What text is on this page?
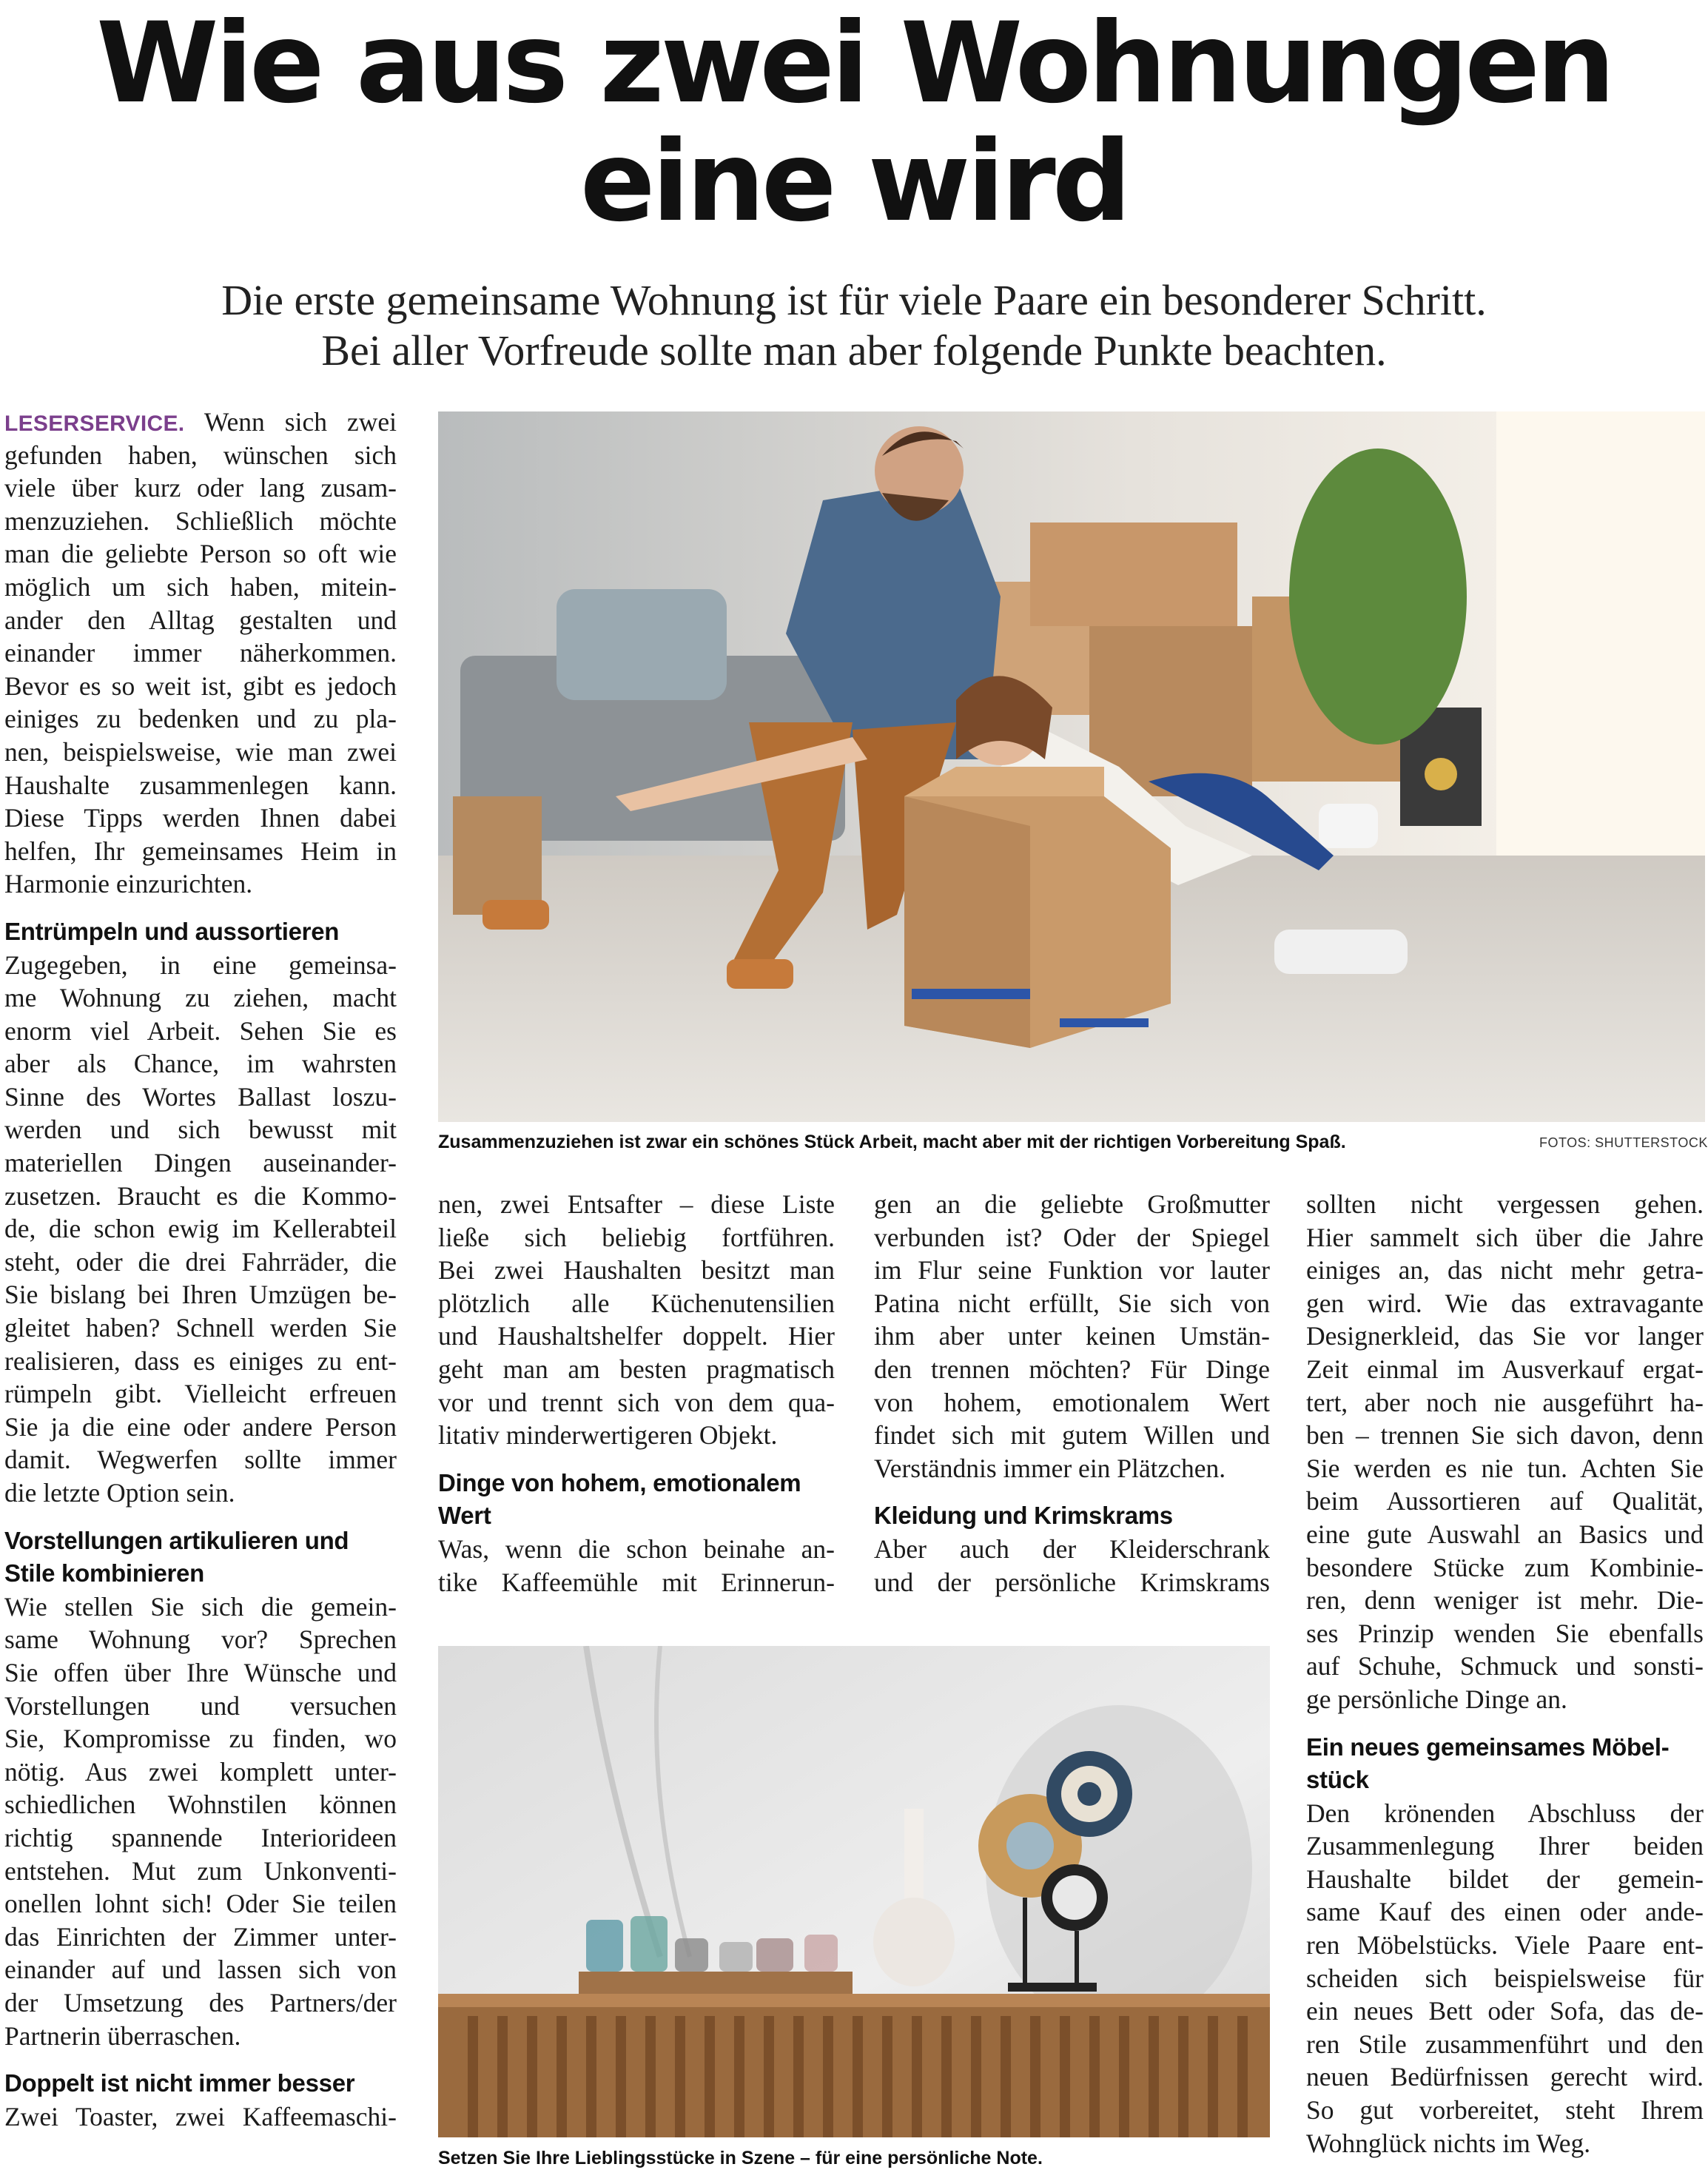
Wie aus zwei Wohnungen
eine wird
Die erste gemeinsame Wohnung ist für viele Paare ein besonderer Schritt.
Bei aller Vorfreude sollte man aber folgende Punkte beachten.
LESERSERVICE. Wenn sich zwei
gefunden haben, wünschen sich
viele über kurz oder lang zusam-
menzuziehen. Schließlich möchte
man die geliebte Person so oft wie
möglich um sich haben, mitein-
ander den Alltag gestalten und
einander immer näherkommen.
Bevor es so weit ist, gibt es jedoch
einiges zu bedenken und zu pla-
nen, beispielsweise, wie man zwei
Haushalte zusammenlegen kann.
Diese Tipps werden Ihnen dabei
helfen, Ihr gemeinsames Heim in
Harmonie einzurichten.
Entrümpeln und aussortieren
Zugegeben, in eine gemeinsa-
me Wohnung zu ziehen, macht
enorm viel Arbeit. Sehen Sie es
aber als Chance, im wahrsten
Sinne des Wortes Ballast loszu-
werden und sich bewusst mit
materiellen Dingen auseinander-
zusetzen. Braucht es die Kommo-
de, die schon ewig im Kellerabteil
steht, oder die drei Fahrräder, die
Sie bislang bei Ihren Umzügen be-
gleitet haben? Schnell werden Sie
realisieren, dass es einiges zu ent-
rümpeln gibt. Vielleicht erfreuen
Sie ja die eine oder andere Person
damit. Wegwerfen sollte immer
die letzte Option sein.
Vorstellungen artikulieren und
Stile kombinieren
Wie stellen Sie sich die gemein-
same Wohnung vor? Sprechen
Sie offen über Ihre Wünsche und
Vorstellungen und versuchen
Sie, Kompromisse zu finden, wo
nötig. Aus zwei komplett unter-
schiedlichen Wohnstilen können
richtig spannende Interiorideen
entstehen. Mut zum Unkonventi-
onellen lohnt sich! Oder Sie teilen
das Einrichten der Zimmer unter-
einander auf und lassen sich von
der Umsetzung des Partners/der
Partnerin überraschen.
Doppelt ist nicht immer besser
Zwei Toaster, zwei Kaffeemaschi-
Zusammenzuziehen ist zwar ein schönes Stück Arbeit, macht aber mit der richtigen Vorbereitung Spaß.	FOTOS: SHUTTERSTOCK
nen, zwei Entsafter – diese Liste
ließe sich beliebig fortführen.
Bei zwei Haushalten besitzt man
plötzlich alle Küchenutensilien
und Haushaltshelfer doppelt. Hier
geht man am besten pragmatisch
vor und trennt sich von dem qua-
litativ minderwertigeren Objekt.
Dinge von hohem, emotionalem
Wert
Was, wenn die schon beinahe an-
tike Kaffeemühle mit Erinnerun-
gen an die geliebte Großmutter
verbunden ist? Oder der Spiegel
im Flur seine Funktion vor lauter
Patina nicht erfüllt, Sie sich von
ihm aber unter keinen Umstän-
den trennen möchten? Für Dinge
von hohem, emotionalem Wert
findet sich mit gutem Willen und
Verständnis immer ein Plätzchen.
Kleidung und Krimskrams
Aber auch der Kleiderschrank
und der persönliche Krimskrams
Setzen Sie Ihre Lieblingsstücke in Szene – für eine persönliche Note.
sollten nicht vergessen gehen.
Hier sammelt sich über die Jahre
einiges an, das nicht mehr getra-
gen wird. Wie das extravagante
Designerkleid, das Sie vor langer
Zeit einmal im Ausverkauf ergat-
tert, aber noch nie ausgeführt ha-
ben – trennen Sie sich davon, denn
Sie werden es nie tun. Achten Sie
beim Aussortieren auf Qualität,
eine gute Auswahl an Basics und
besondere Stücke zum Kombinie-
ren, denn weniger ist mehr. Die-
ses Prinzip wenden Sie ebenfalls
auf Schuhe, Schmuck und sonsti-
ge persönliche Dinge an.
Ein neues gemeinsames Möbel-
stück
Den krönenden Abschluss der
Zusammenlegung Ihrer beiden
Haushalte bildet der gemein-
same Kauf des einen oder ande-
ren Möbelstücks. Viele Paare ent-
scheiden sich beispielsweise für
ein neues Bett oder Sofa, das de-
ren Stile zusammenführt und den
neuen Bedürfnissen gerecht wird.
So gut vorbereitet, steht Ihrem
Wohnglück nichts im Weg.
